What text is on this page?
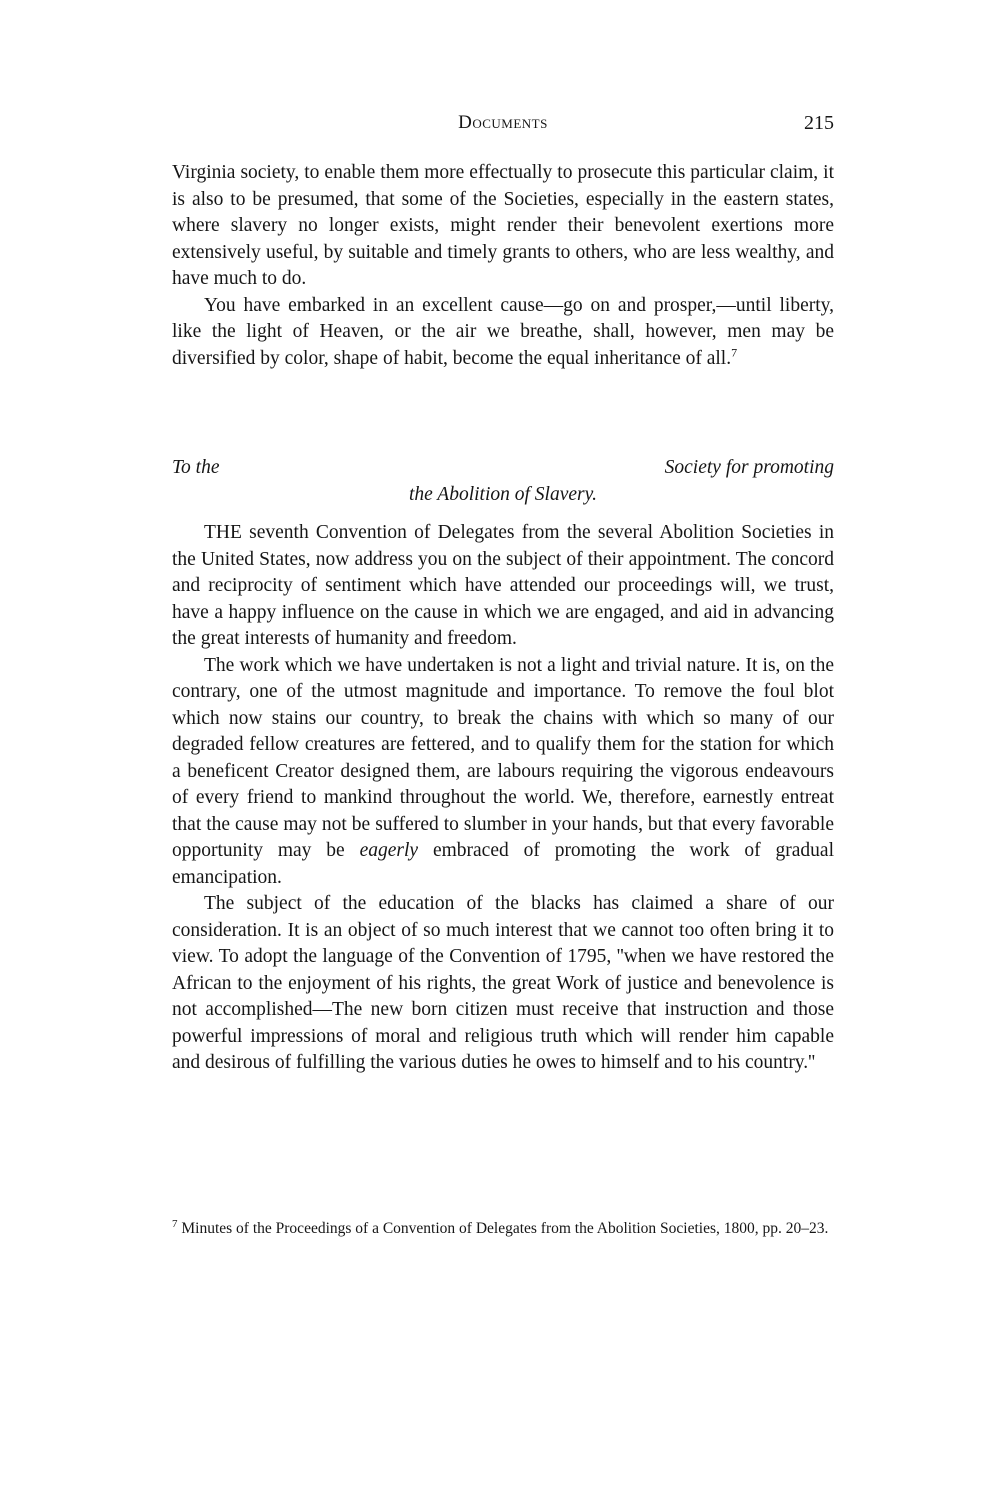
Documents	215

Virginia society, to enable them more effectually to prosecute this particular claim, it is also to be presumed, that some of the Societies, especially in the eastern states, where slavery no longer exists, might render their benevolent exertions more extensively useful, by suitable and timely grants to others, who are less wealthy, and have much to do.

You have embarked in an excellent cause—go on and prosper,—until liberty, like the light of Heaven, or the air we breathe, shall, however, men may be diversified by color, shape of habit, become the equal inheritance of all.$^7$

To the	Society for promoting
the Abolition of Slavery.

THE seventh Convention of Delegates from the several Abolition Societies in the United States, now address you on the subject of their appointment. The concord and reciprocity of sentiment which have attended our proceedings will, we trust, have a happy influence on the cause in which we are engaged, and aid in advancing the great interests of humanity and freedom.

The work which we have undertaken is not a light and trivial nature. It is, on the contrary, one of the utmost magnitude and importance. To remove the foul blot which now stains our country, to break the chains with which so many of our degraded fellow creatures are fettered, and to qualify them for the station for which a beneficent Creator designed them, are labours requiring the vigorous endeavours of every friend to mankind throughout the world. We, therefore, earnestly entreat that the cause may not be suffered to slumber in your hands, but that every favorable opportunity may be eagerly embraced of promoting the work of gradual emancipation.

The subject of the education of the blacks has claimed a share of our consideration. It is an object of so much interest that we cannot too often bring it to view. To adopt the language of the Convention of 1795, ''when we have restored the African to the enjoyment of his rights, the great Work of justice and benevolence is not accomplished—The new born citizen must receive that instruction and those powerful impressions of moral and religious truth which will render him capable and desirous of fulfilling the various duties he owes to himself and to his country.''

$^7$ Minutes of the Proceedings of a Convention of Delegates from the Abolition Societies, 1800, pp. 20–23.
